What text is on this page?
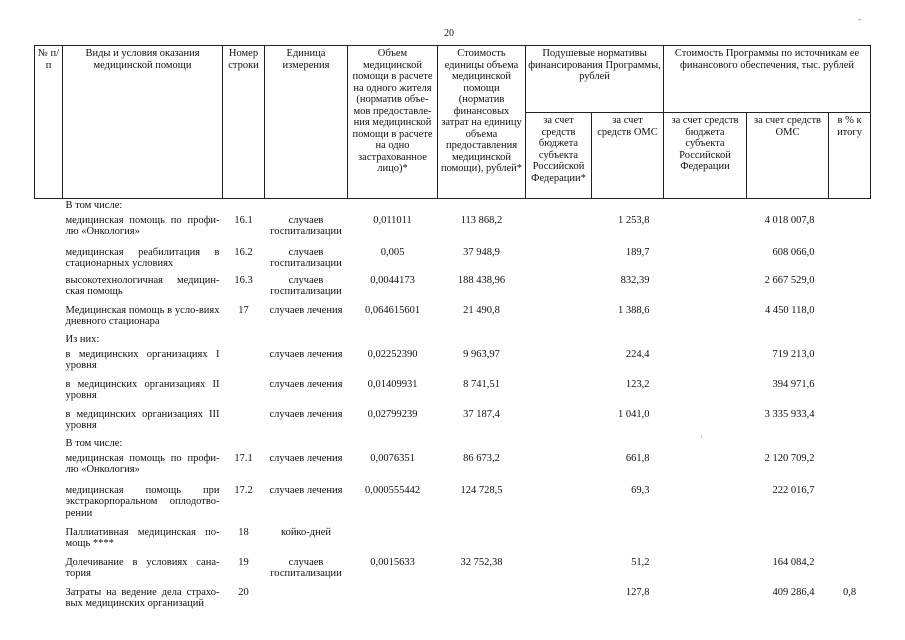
20
№ п/п	Виды и условия оказания медицинской помощи	Номер строки	Единица измерения	Объем медицинской помощи в расчете на одного жителя (норматив объе-мов предоставле-ния медицинской помощи в расчете на одно застрахованное лицо)*	Стоимость единицы объема медицинской помощи (норматив финансовых затрат на единицу объема предоставления медицинской помощи), рублей*	Подушевые нормативы финансирования Программы, рублей		Стоимость Программы по источникам ее финансового обеспечения, тыс. рублей		
						за счет средств бюджета субъекта Российской Федерации*	за счет средств ОМС	за счет средств бюджета субъекта Российской Федерации	за счет средств ОМС	в % к итогу
	В том числе:									
	медицинская помощь по профи-лю «Онкология»	16.1	случаев госпитализации	0,011011	113 868,2		1 253,8		4 018 007,8	
	медицинская реабилитация в стационарных условиях	16.2	случаев госпитализации	0,005	37 948,9		189,7		608 066,0	
	высокотехнологичная медицин-ская помощь	16.3	случаев госпитализации	0,0044173	188 438,96		832,39		2 667 529,0	
	Медицинская помощь в усло-виях дневного стационара	17	случаев лечения	0,064615601	21 490,8		1 388,6		4 450 118,0	
	Из них:									
	в медицинских организациях I уровня		случаев лечения	0,02252390	9 963,97		224,4		719 213,0	
	в медицинских организациях II уровня		случаев лечения	0,01409931	8 741,51		123,2		394 971,6	
	в медицинских организациях III уровня		случаев лечения	0,02799239	37 187,4		1 041,0		3 335 933,4	
	В том числе:									
	медицинская помощь по профи-лю «Онкология»	17.1	случаев лечения	0,0076351	86 673,2		661,8		2 120 709,2	
	медицинская помощь при экстракорпоральном оплодотво-рении	17.2	случаев лечения	0,000555442	124 728,5		69,3		222 016,7	
	Паллиативная медицинская по-мощь ****	18	койко-дней							
	Долечивание в условиях сана-тория	19	случаев госпитализации	0,0015633	32 752,38		51,2		164 084,2	
	Затраты на ведение дела страхо-вых медицинских организаций	20					127,8		409 286,4	0,8
-
·
